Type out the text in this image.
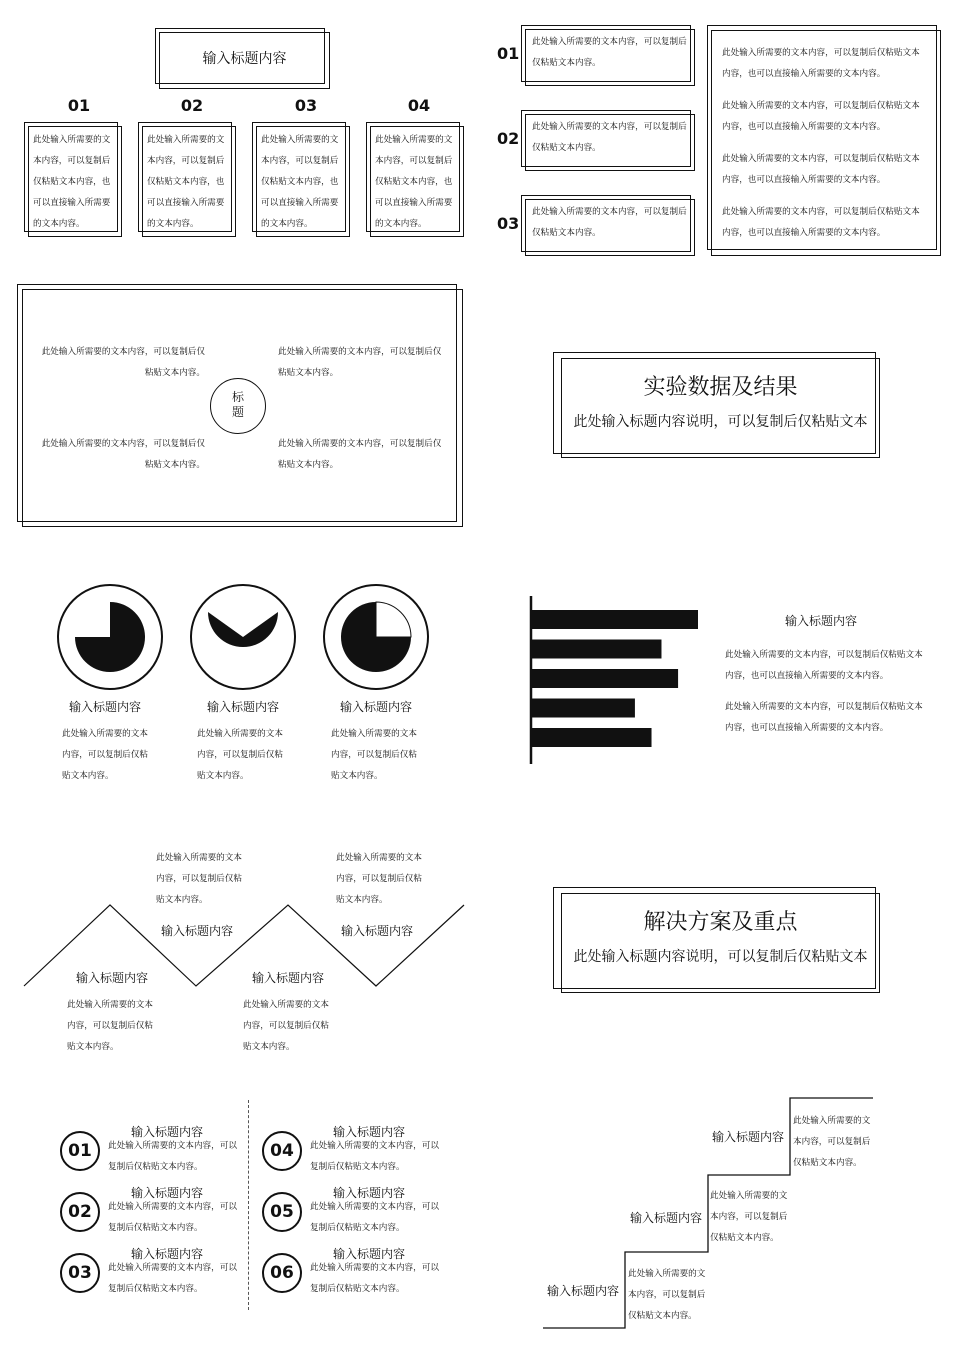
输入标题内容
01	02	03	04
此处输入所需要的文本内容，可以复制后仅粘贴文本内容，也可以直接输入所需要的文本内容。
此处输入所需要的文本内容，可以复制后仅粘贴文本内容，也可以直接输入所需要的文本内容。
此处输入所需要的文本内容，可以复制后仅粘贴文本内容，也可以直接输入所需要的文本内容。
此处输入所需要的文本内容，可以复制后仅粘贴文本内容，也可以直接输入所需要的文本内容。
01
02
03
此处输入所需要的文本内容，可以复制后仅粘贴文本内容。
此处输入所需要的文本内容，可以复制后仅粘贴文本内容。
此处输入所需要的文本内容，可以复制后仅粘贴文本内容。
此处输入所需要的文本内容，可以复制后仅粘贴文本内容，也可以直接输入所需要的文本内容。
此处输入所需要的文本内容，可以复制后仅粘贴文本内容，也可以直接输入所需要的文本内容。
此处输入所需要的文本内容，可以复制后仅粘贴文本内容，也可以直接输入所需要的文本内容。
此处输入所需要的文本内容，可以复制后仅粘贴文本内容，也可以直接输入所需要的文本内容。
此处输入所需要的文本内容，可以复制后仅粘贴文本内容。
此处输入所需要的文本内容，可以复制后仅粘贴文本内容。
此处输入所需要的文本内容，可以复制后仅粘贴文本内容。
此处输入所需要的文本内容，可以复制后仅粘贴文本内容。
标
题
实验数据及结果
此处输入标题内容说明，可以复制后仅粘贴文本
输入标题内容
此处输入所需要的文本内容，可以复制后仅粘贴文本内容。
输入标题内容
此处输入所需要的文本内容，可以复制后仅粘贴文本内容。
输入标题内容
此处输入所需要的文本内容，可以复制后仅粘贴文本内容。
输入标题内容
此处输入所需要的文本内容，可以复制后仅粘贴文本内容，也可以直接输入所需要的文本内容。
此处输入所需要的文本内容，可以复制后仅粘贴文本内容，也可以直接输入所需要的文本内容。
此处输入所需要的文本内容，可以复制后仅粘贴文本内容。
输入标题内容
此处输入所需要的文本内容，可以复制后仅粘贴文本内容。
输入标题内容
输入标题内容
此处输入所需要的文本内容，可以复制后仅粘贴文本内容。
输入标题内容
此处输入所需要的文本内容，可以复制后仅粘贴文本内容。
解决方案及重点
此处输入标题内容说明，可以复制后仅粘贴文本
01
输入标题内容
此处输入所需要的文本内容，可以复制后仅粘贴文本内容。
02
输入标题内容
此处输入所需要的文本内容，可以复制后仅粘贴文本内容。
03
输入标题内容
此处输入所需要的文本内容，可以复制后仅粘贴文本内容。
04
输入标题内容
此处输入所需要的文本内容，可以复制后仅粘贴文本内容。
05
输入标题内容
此处输入所需要的文本内容，可以复制后仅粘贴文本内容。
06
输入标题内容
此处输入所需要的文本内容，可以复制后仅粘贴文本内容。	输入标题内容
此处输入所需要的文本内容，可以复制后仅粘贴文本内容。
输入标题内容
此处输入所需要的文本内容，可以复制后仅粘贴文本内容。
输入标题内容
此处输入所需要的文本内容，可以复制后仅粘贴文本内容。
